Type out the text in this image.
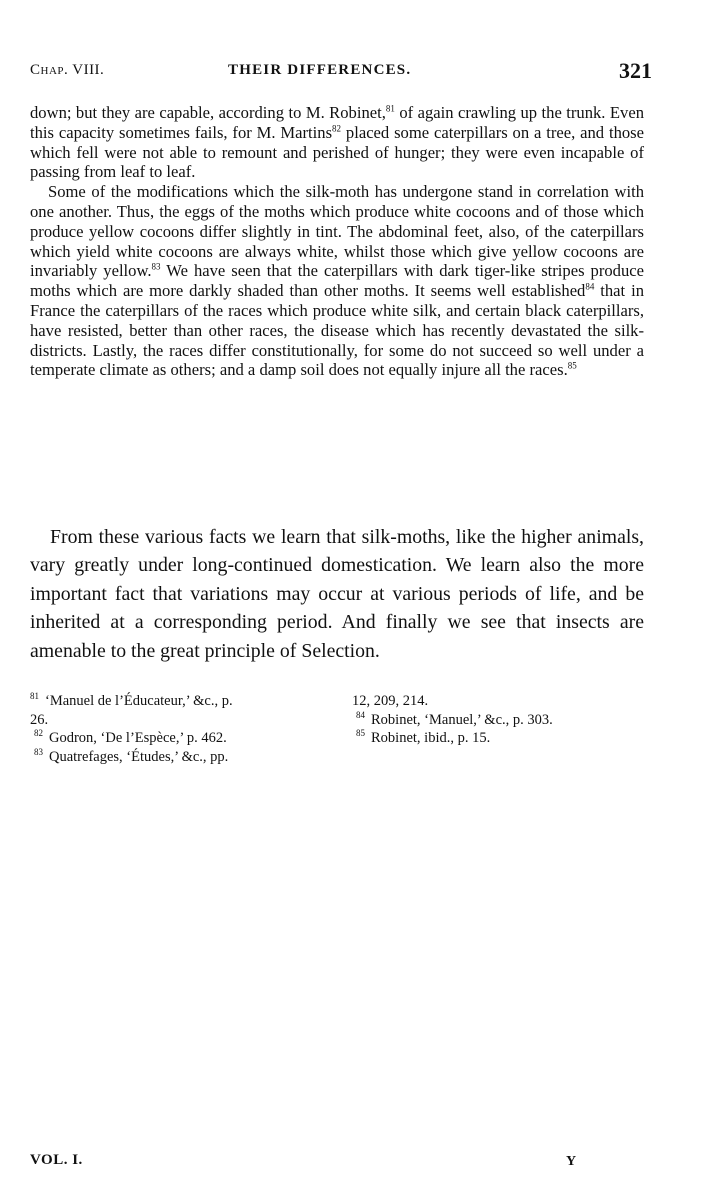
Chap. VIII.	THEIR DIFFERENCES.	321

down; but they are capable, according to M. Robinet,$^{81}$ of again crawling up the trunk. Even this capacity sometimes fails, for M. Martins$^{82}$ placed some caterpillars on a tree, and those which fell were not able to remount and perished of hunger; they were even incapable of passing from leaf to leaf.

Some of the modifications which the silk-moth has undergone stand in correlation with one another. Thus, the eggs of the moths which produce white cocoons and of those which produce yellow cocoons differ slightly in tint. The abdominal feet, also, of the caterpillars which yield white cocoons are always white, whilst those which give yellow cocoons are invariably yellow.$^{83}$ We have seen that the caterpillars with dark tiger-like stripes produce moths which are more darkly shaded than other moths. It seems well established$^{84}$ that in France the caterpillars of the races which produce white silk, and certain black caterpillars, have resisted, better than other races, the disease which has recently devastated the silk-districts. Lastly, the races differ constitutionally, for some do not succeed so well under a temperate climate as others; and a damp soil does not equally injure all the races.$^{85}$

From these various facts we learn that silk-moths, like the higher animals, vary greatly under long-continued domestication. We learn also the more important fact that variations may occur at various periods of life, and be inherited at a corresponding period. And finally we see that insects are amenable to the great principle of Selection.

$^{81}$ ‘Manuel de l’Éducateur,’ &c., p.
26.
$^{82}$ Godron, ‘De l’Espèce,’ p. 462.
$^{83}$ Quatrefages, ‘Études,’ &c., pp.
12, 209, 214.
$^{84}$ Robinet, ‘Manuel,’ &c., p. 303.
$^{85}$ Robinet, ibid., p. 15.
VOL. I.	Y
